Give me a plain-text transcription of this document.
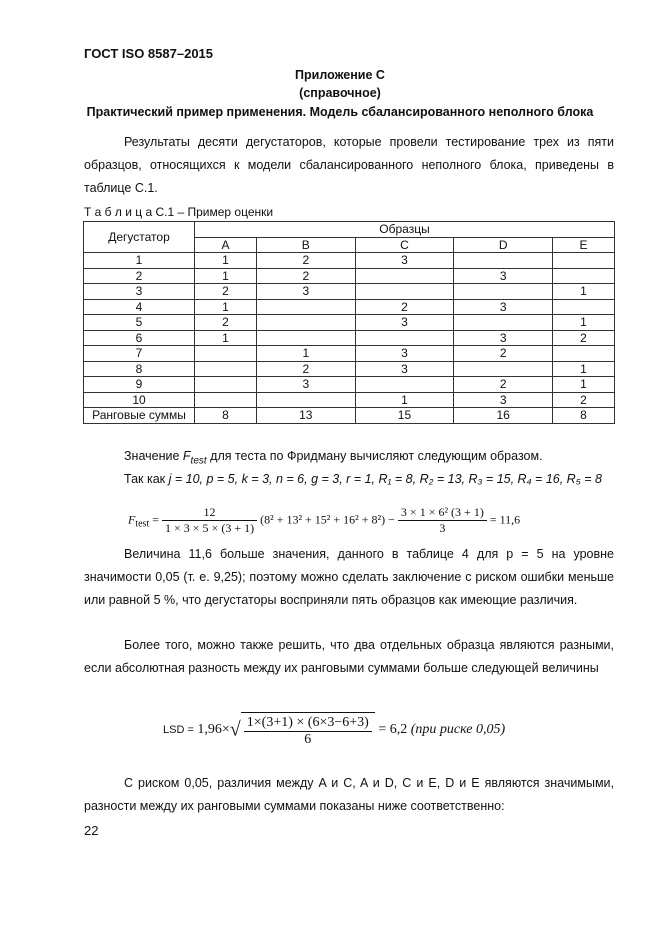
ГОСТ ISO 8587–2015
Приложение С
(справочное)
Практический пример применения. Модель сбалансированного неполного блока
Результаты десяти дегустаторов, которые провели тестирование трех из пяти образцов, относящихся к модели сбалансированного неполного блока, приведены в таблице С.1.
Т а б л и ц а С.1 – Пример оценки
Дегустатор	Образцы				
	A	B	C	D	E
1	1	2	3		
2	1	2		3	
3	2	3			1
4	1		2	3	
5	2		3		1
6	1			3	2
7		1	3	2	
8		2	3		1
9		3		2	1
10			1	3	2
Ранговые суммы	8	13	15	16	8
Значение $F_{test}$ для теста по Фридману вычисляют следующим образом.
Так как j = 10, p = 5, k = 3, n = 6, g = 3, r = 1, R₁ = 8, R₂ = 13, R₃ = 15, R₄ = 16, R₅ = 8
$F_{test} = \frac{12}{1 \times 3 \times 5 \times (3 + 1)} (8^2 + 13^2 + 15^2 + 16^2 + 8^2) - \frac{\text{3 × 1 × 6² (3 + 1)}}{3} = 11,6$
Величина 11,6 больше значения, данного в таблице 4 для p = 5 на уровне значимости 0,05 (т. е. 9,25); поэтому можно сделать заключение с риском ошибки меньше или равной 5 %, что дегустаторы восприняли пять образцов как имеющие различия.
Более того, можно также решить, что два отдельных образца являются разными, если абсолютная разность между их ранговыми суммами больше следующей величины
LSD = $1,96\times√ \frac{1\times(3+1) \times (6\times 3-6+3)}{6} = 6,2$ (при риске 0,05)
С риском 0,05, различия между A и C, A и D, C и E, D и E являются значимыми, разности между их ранговыми суммами показаны ниже соответственно:
22
